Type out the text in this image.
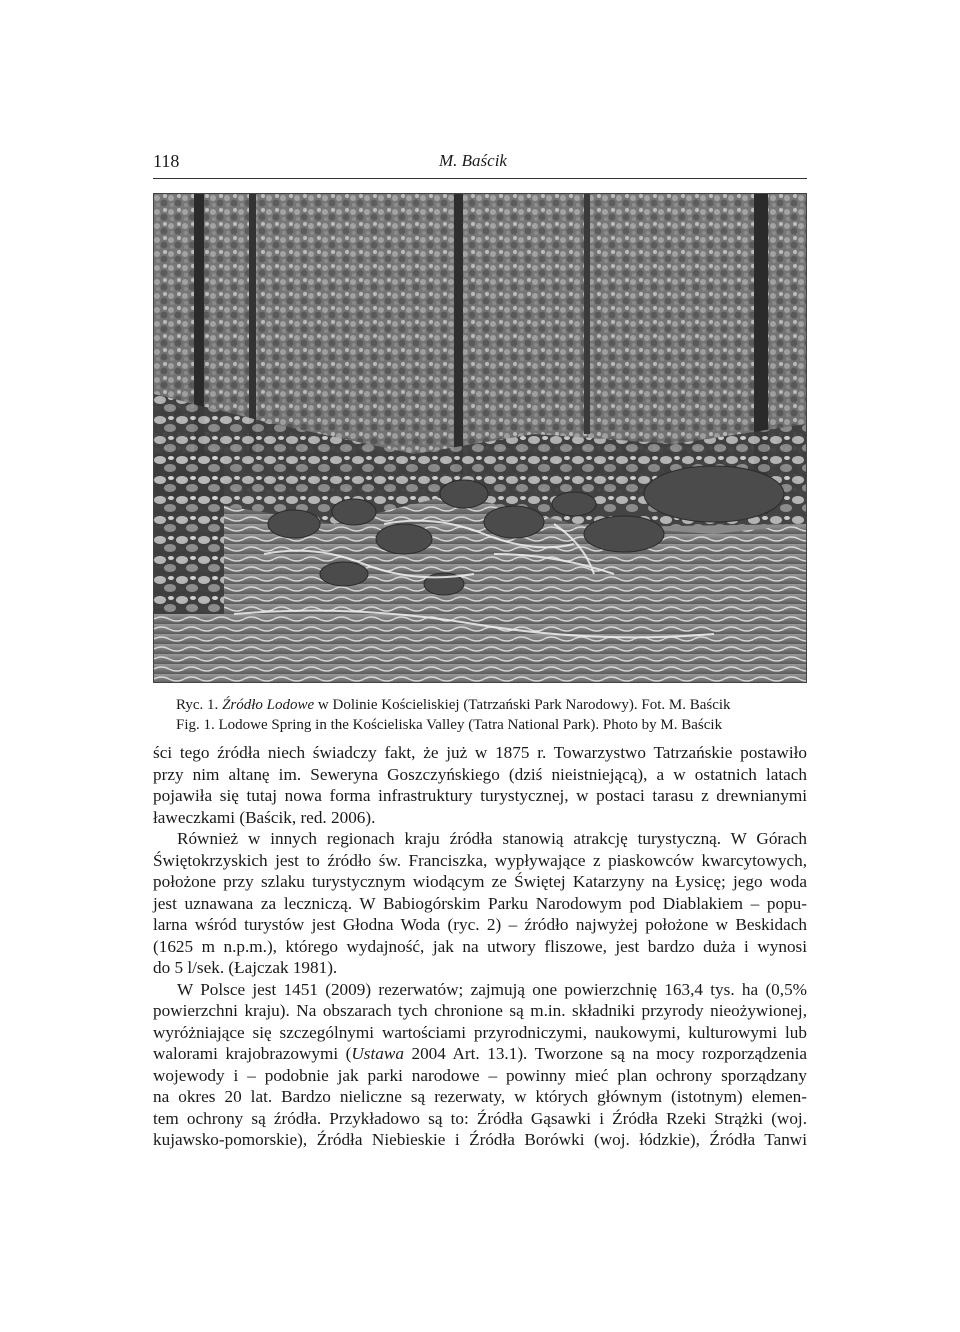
118	M. Baścik
Ryc. 1. Źródło Lodowe w Dolinie Kościeliskiej (Tatrzański Park Narodowy). Fot. M. Baścik
Fig. 1. Lodowe Spring in the Kościeliska Valley (Tatra National Park). Photo by M. Baścik
ści tego źródła niech świadczy fakt, że już w 1875 r. Towarzystwo Tatrzańskie postawiło
przy nim altanę im. Seweryna Goszczyńskiego (dziś nieistniejącą), a w ostatnich latach
pojawiła się tutaj nowa forma infrastruktury turystycznej, w postaci tarasu z drewnianymi
ławeczkami (Baścik, red. 2006).
Również w innych regionach kraju źródła stanowią atrakcję turystyczną. W Górach
Świętokrzyskich jest to źródło św. Franciszka, wypływające z piaskowców kwarcytowych,
położone przy szlaku turystycznym wiodącym ze Świętej Katarzyny na Łysicę; jego woda
jest uznawana za leczniczą. W Babiogórskim Parku Narodowym pod Diablakiem – popu-
larna wśród turystów jest Głodna Woda (ryc. 2) – źródło najwyżej położone w Beskidach
(1625 m n.p.m.), którego wydajność, jak na utwory fliszowe, jest bardzo duża i wynosi
do 5 l/sek. (Łajczak 1981).
W Polsce jest 1451 (2009) rezerwatów; zajmują one powierzchnię 163,4 tys. ha (0,5%
powierzchni kraju). Na obszarach tych chronione są m.in. składniki przyrody nieożywionej,
wyróżniające się szczególnymi wartościami przyrodniczymi, naukowymi, kulturowymi lub
walorami krajobrazowymi (Ustawa 2004 Art. 13.1). Tworzone są na mocy rozporządzenia
wojewody i – podobnie jak parki narodowe – powinny mieć plan ochrony sporządzany
na okres 20 lat. Bardzo nieliczne są rezerwaty, w których głównym (istotnym) elemen-
tem ochrony są źródła. Przykładowo są to: Źródła Gąsawki i Źródła Rzeki Strążki (woj.
kujawsko-pomorskie), Źródła Niebieskie i Źródła Borówki (woj. łódzkie), Źródła Tanwi
